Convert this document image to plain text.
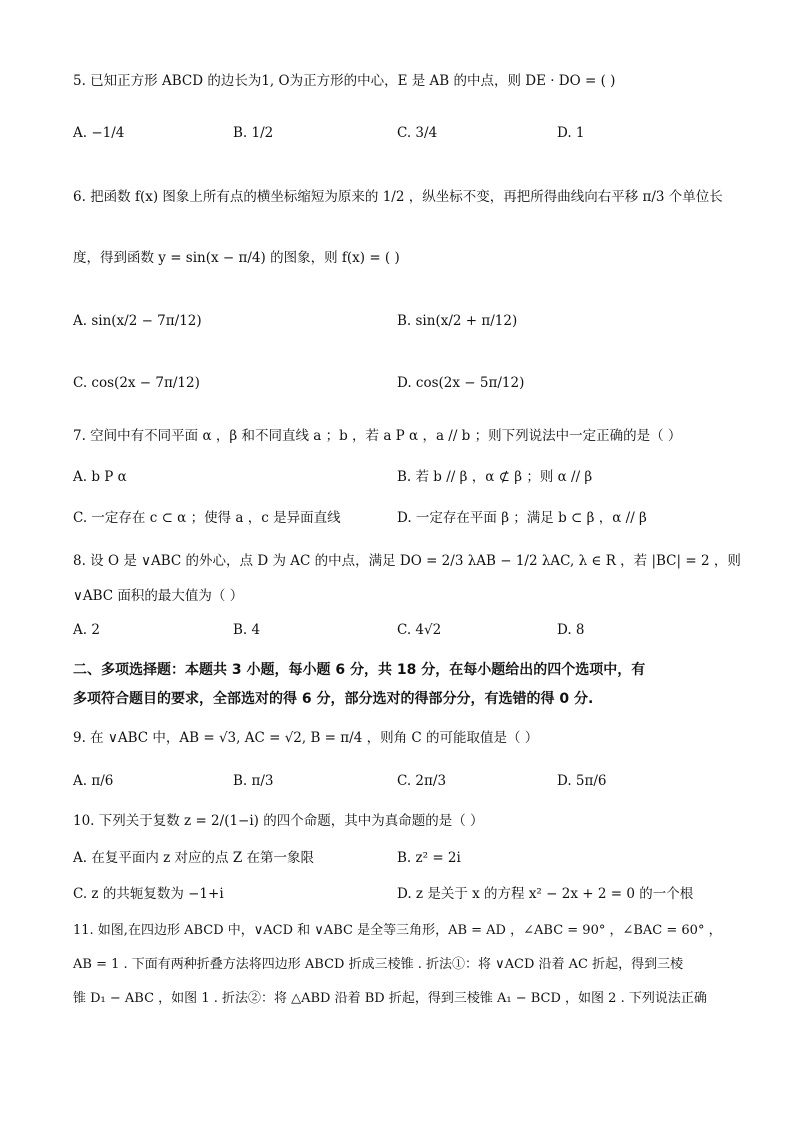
5. 已知正方形 ABCD 的边长为1, O为正方形的中心，E 是 AB 的中点，则 DE · DO = ( )
A. −1/4	B. 1/2	C. 3/4	D. 1
6. 把函数 f(x) 图象上所有点的横坐标缩短为原来的 1/2 ，纵坐标不变，再把所得曲线向右平移 π/3 个单位长
度，得到函数 y = sin(x − π/4) 的图象，则 f(x) = ( )
A. sin(x/2 − 7π/12)	B. sin(x/2 + π/12)
C. cos(2x − 7π/12)	D. cos(2x − 5π/12)
7. 空间中有不同平面 α ，β 和不同直线 a ；b ，若 a P α ，a // b ；则下列说法中一定正确的是（ ）
A. b P α	B. 若 b // β ，α ⊄ β ；则 α // β
C. 一定存在 c ⊂ α ；使得 a ，c 是异面直线	D. 一定存在平面 β ；满足 b ⊂ β ，α // β
8. 设 O 是 ∨ABC 的外心，点 D 为 AC 的中点，满足 DO = 2/3 λAB − 1/2 λAC, λ ∈ R ，若 |BC| = 2 ，则
∨ABC 面积的最大值为（ ）
A. 2	B. 4	C. 4√2	D. 8
二、多项选择题：本题共 3 小题，每小题 6 分，共 18 分，在每小题给出的四个选项中，有
多项符合题目的要求，全部选对的得 6 分，部分选对的得部分分，有选错的得 0 分.
9. 在 ∨ABC 中，AB = √3, AC = √2, B = π/4 ，则角 C 的可能取值是（ ）
A. π/6	B. π/3	C. 2π/3	D. 5π/6
10. 下列关于复数 z = 2/(1−i) 的四个命题，其中为真命题的是（ ）
A. 在复平面内 z 对应的点 Z 在第一象限	B. z² = 2i
C. z 的共轭复数为 −1+i	D. z 是关于 x 的方程 x² − 2x + 2 = 0 的一个根
11. 如图,在四边形 ABCD 中，∨ACD 和 ∨ABC 是全等三角形，AB = AD ，∠ABC = 90° ，∠BAC = 60° ，
AB = 1 . 下面有两种折叠方法将四边形 ABCD 折成三棱锥 . 折法①：将 ∨ACD 沿着 AC 折起，得到三棱
锥 D₁ − ABC ，如图 1 . 折法②：将 △ABD 沿着 BD 折起，得到三棱锥 A₁ − BCD ，如图 2 . 下列说法正确
